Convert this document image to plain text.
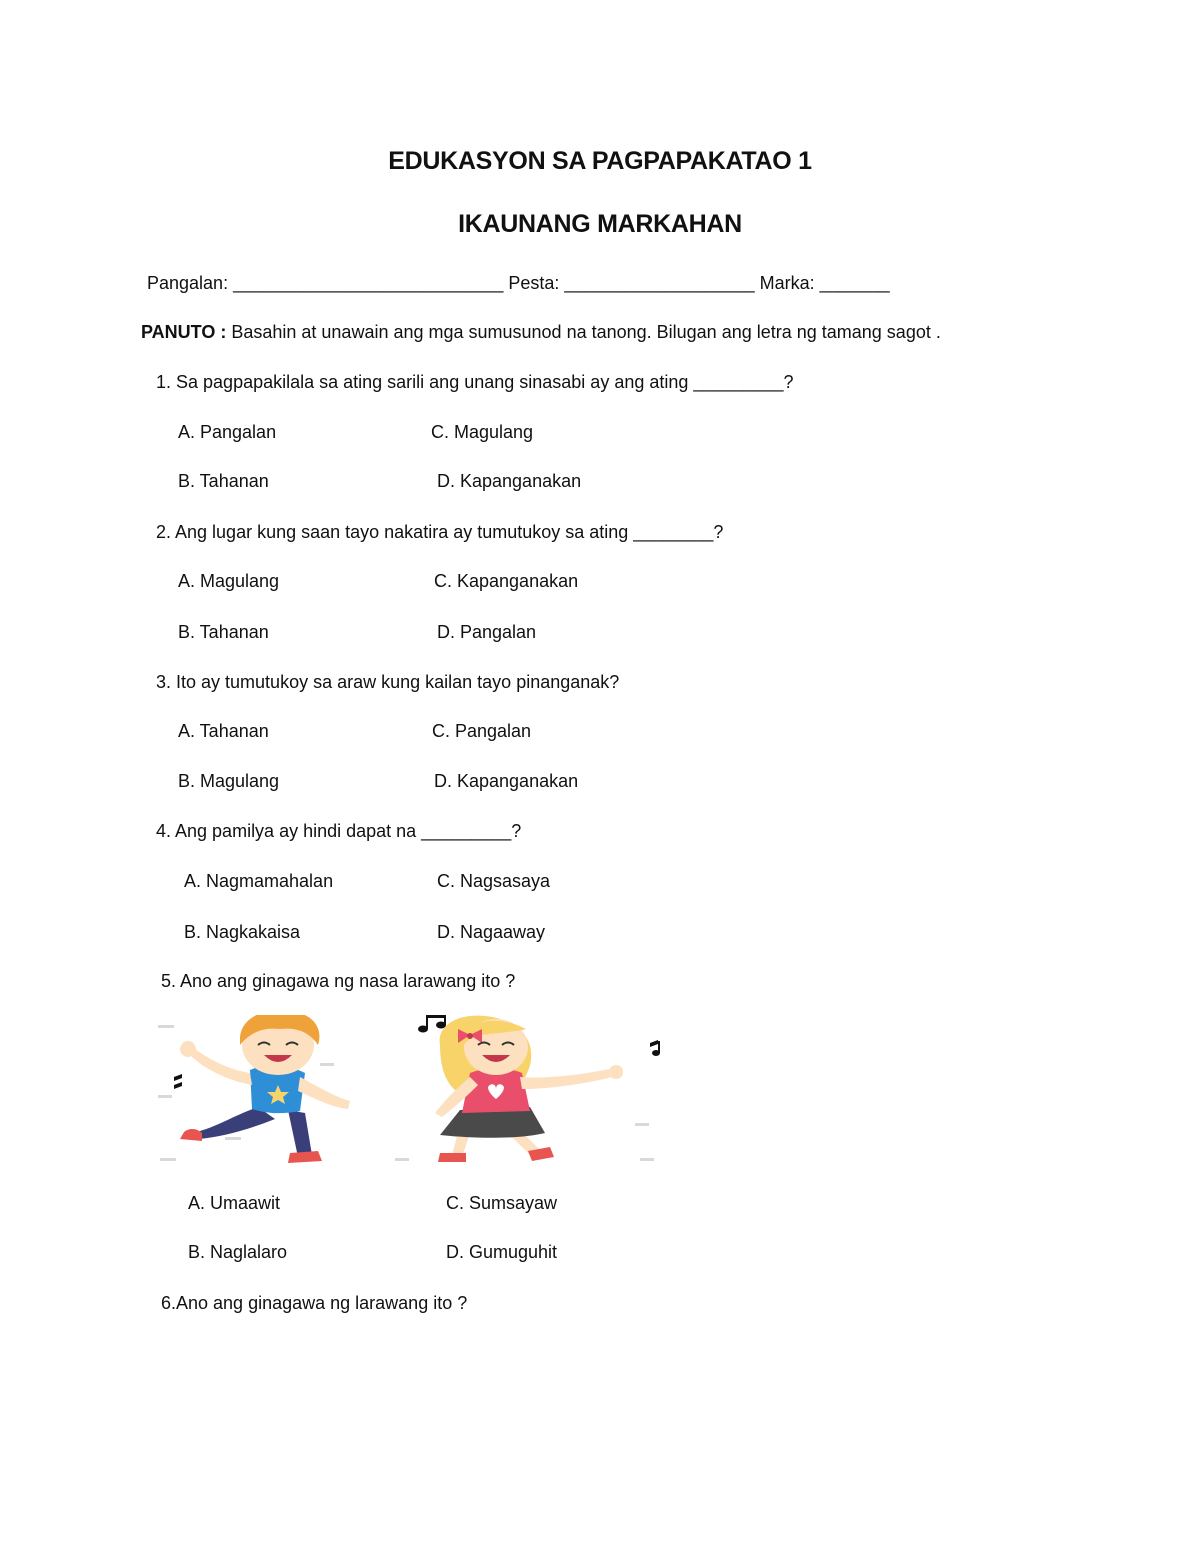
EDUKASYON SA PAGPAPAKATAO 1
IKAUNANG MARKAHAN
Pangalan: ___________________________ Pesta: ___________________ Marka: _______
PANUTO : Basahin at unawain ang mga sumusunod na tanong. Bilugan ang letra ng tamang sagot .
1. Sa pagpapakilala sa ating sarili ang unang sinasabi ay ang ating _________?
A. Pangalan	C. Magulang
B. Tahanan	D. Kapanganakan
2. Ang lugar kung saan tayo nakatira ay tumutukoy sa ating ________?
A. Magulang	C. Kapanganakan
B. Tahanan	D. Pangalan
3. Ito ay tumutukoy sa araw kung kailan tayo pinanganak?
A. Tahanan	C. Pangalan
B. Magulang	D. Kapanganakan
4. Ang pamilya ay hindi dapat na _________?
A. Nagmamahalan	C. Nagsasaya
B. Nagkakaisa	D. Nagaaway
5. Ano ang ginagawa ng nasa larawang ito ?
A. Umaawit	C. Sumsayaw
B. Naglalaro	D. Gumuguhit
6.Ano ang ginagawa ng larawang ito ?
